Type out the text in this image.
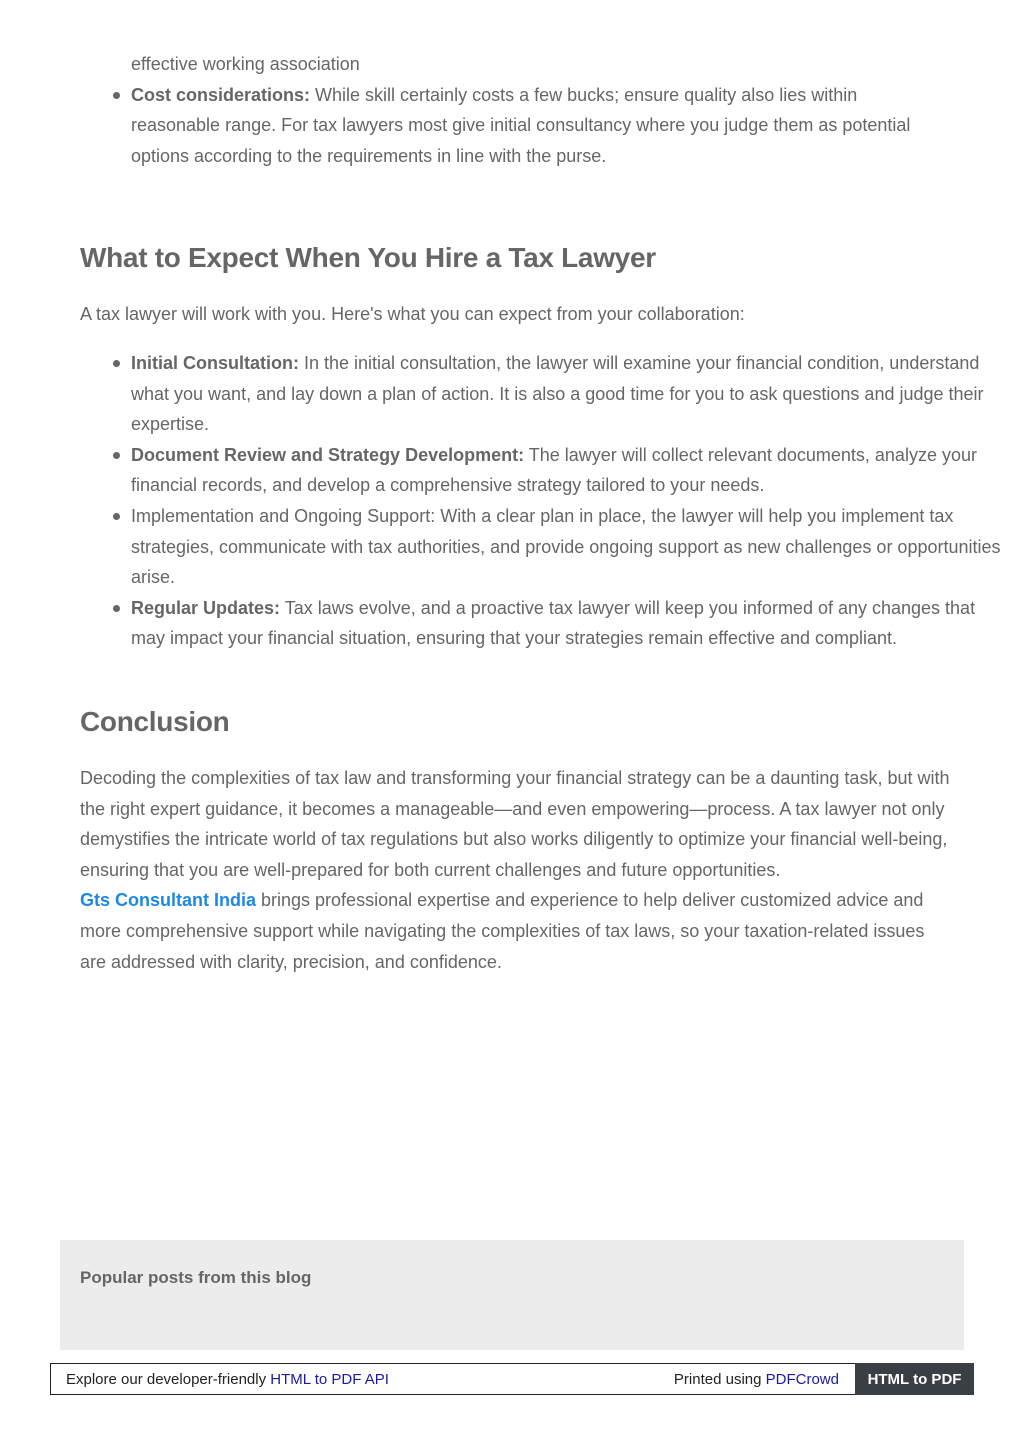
effective working association

Cost considerations: While skill certainly costs a few bucks; ensure quality also lies within reasonable range. For tax lawyers most give initial consultancy where you judge them as potential options according to the requirements in line with the purse.
What to Expect When You Hire a Tax Lawyer

A tax lawyer will work with you. Here's what you can expect from your collaboration:

Initial Consultation: In the initial consultation, the lawyer will examine your financial condition, understand what you want, and lay down a plan of action. It is also a good time for you to ask questions and judge their expertise.
Document Review and Strategy Development: The lawyer will collect relevant documents, analyze your financial records, and develop a comprehensive strategy tailored to your needs.
Implementation and Ongoing Support: With a clear plan in place, the lawyer will help you implement tax strategies, communicate with tax authorities, and provide ongoing support as new challenges or opportunities arise.
Regular Updates: Tax laws evolve, and a proactive tax lawyer will keep you informed of any changes that may impact your financial situation, ensuring that your strategies remain effective and compliant.
Conclusion

Decoding the complexities of tax law and transforming your financial strategy can be a daunting task, but with the right expert guidance, it becomes a manageable—and even empowering—process. A tax lawyer not only demystifies the intricate world of tax regulations but also works diligently to optimize your financial well-being, ensuring that you are well-prepared for both current challenges and future opportunities.
Gts Consultant India brings professional expertise and experience to help deliver customized advice and more comprehensive support while navigating the complexities of tax laws, so your taxation-related issues are addressed with clarity, precision, and confidence.

Popular posts from this blog
Explore our developer-friendly HTML to PDF API	Printed using PDFCrowd	HTML to PDF
